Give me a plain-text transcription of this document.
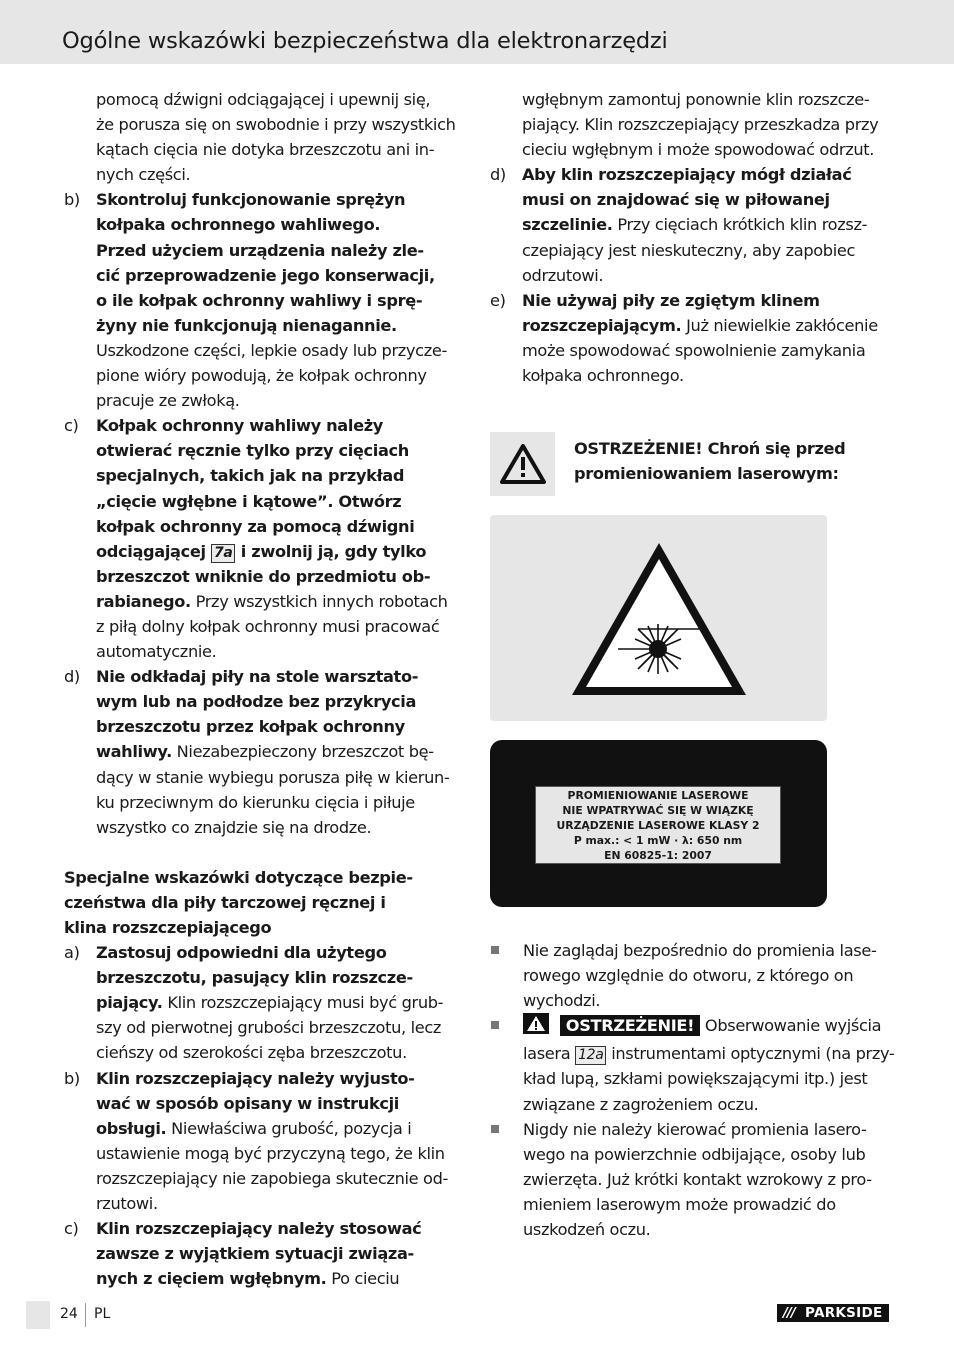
Ogólne wskazówki bezpieczeństwa dla elektronarzędzi
pomocą dźwigni odciągającej i upewnij się,
że porusza się on swobodnie i przy wszystkich
kątach cięcia nie dotyka brzeszczotu ani in-
nych części.
b) Skontroluj funkcjonowanie sprężyn
kołpaka ochronnego wahliwego.
Przed użyciem urządzenia należy zle-
cić przeprowadzenie jego konserwacji,
o ile kołpak ochronny wahliwy i sprę-
żyny nie funkcjonują nienagannie.
Uszkodzone części, lepkie osady lub przycze-
pione wióry powodują, że kołpak ochronny
pracuje ze zwłoką.
c) Kołpak ochronny wahliwy należy
otwierać ręcznie tylko przy cięciach
specjalnych, takich jak na przykład
„cięcie wgłębne i kątowe”. Otwórz
kołpak ochronny za pomocą dźwigni
odciągającej 7a i zwolnij ją, gdy tylko
brzeszczot wniknie do przedmiotu ob-
rabianego. Przy wszystkich innych robotach
z piłą dolny kołpak ochronny musi pracować
automatycznie.
d) Nie odkładaj piły na stole warsztato-
wym lub na podłodze bez przykrycia
brzeszczotu przez kołpak ochronny
wahliwy. Niezabezpieczony brzeszczot bę-
dący w stanie wybiegu porusza piłę w kierun-
ku przeciwnym do kierunku cięcia i piłuje
wszystko co znajdzie się na drodze.
Specjalne wskazówki dotyczące bezpie-
czeństwa dla piły tarczowej ręcznej i
klina rozszczepiającego
a) Zastosuj odpowiedni dla użytego
brzeszczotu, pasujący klin rozszcze-
piający. Klin rozszczepiający musi być grub-
szy od pierwotnej grubości brzeszczotu, lecz
cieńszy od szerokości zęba brzeszczotu.
b) Klin rozszczepiający należy wyjusto-
wać w sposób opisany w instrukcji
obsługi. Niewłaściwa grubość, pozycja i
ustawienie mogą być przyczyną tego, że klin
rozszczepiający nie zapobiega skutecznie od-
rzutowi.
c) Klin rozszczepiający należy stosować
zawsze z wyjątkiem sytuacji związa-
nych z cięciem wgłębnym. Po cieciu
wgłębnym zamontuj ponownie klin rozszcze-
piający. Klin rozszczepiający przeszkadza przy
cieciu wgłębnym i może spowodować odrzut.
d) Aby klin rozszczepiający mógł działać
musi on znajdować się w piłowanej
szczelinie. Przy cięciach krótkich klin rozsz-
czepiający jest nieskuteczny, aby zapobiec
odrzutowi.
e) Nie używaj piły ze zgiętym klinem
rozszczepiającym. Już niewielkie zakłócenie
może spowodować spowolnienie zamykania
kołpaka ochronnego.
OSTRZEŻENIE! Chroń się przed
promieniowaniem laserowym:
PROMIENIOWANIE LASEROWE
NIE WPATRYWAĆ SIĘ W WIĄZKĘ
URZĄDZENIE LASEROWE KLASY 2
P max.: < 1 mW · λ: 650 nm
EN 60825-1: 2007
Nie zaglądaj bezpośrednio do promienia lase-
rowego względnie do otworu, z którego on
wychodzi.
OSTRZEŻENIE! Obserwowanie wyjścia
lasera 12a instrumentami optycznymi (na przy-
kład lupą, szkłami powiększającymi itp.) jest
związane z zagrożeniem oczu.
Nigdy nie należy kierować promienia lasero-
wego na powierzchnie odbijające, osoby lub
zwierzęta. Już krótki kontakt wzrokowy z pro-
mieniem laserowym może prowadzić do
uszkodzeń oczu.
24 PL	/// PARKSIDE
